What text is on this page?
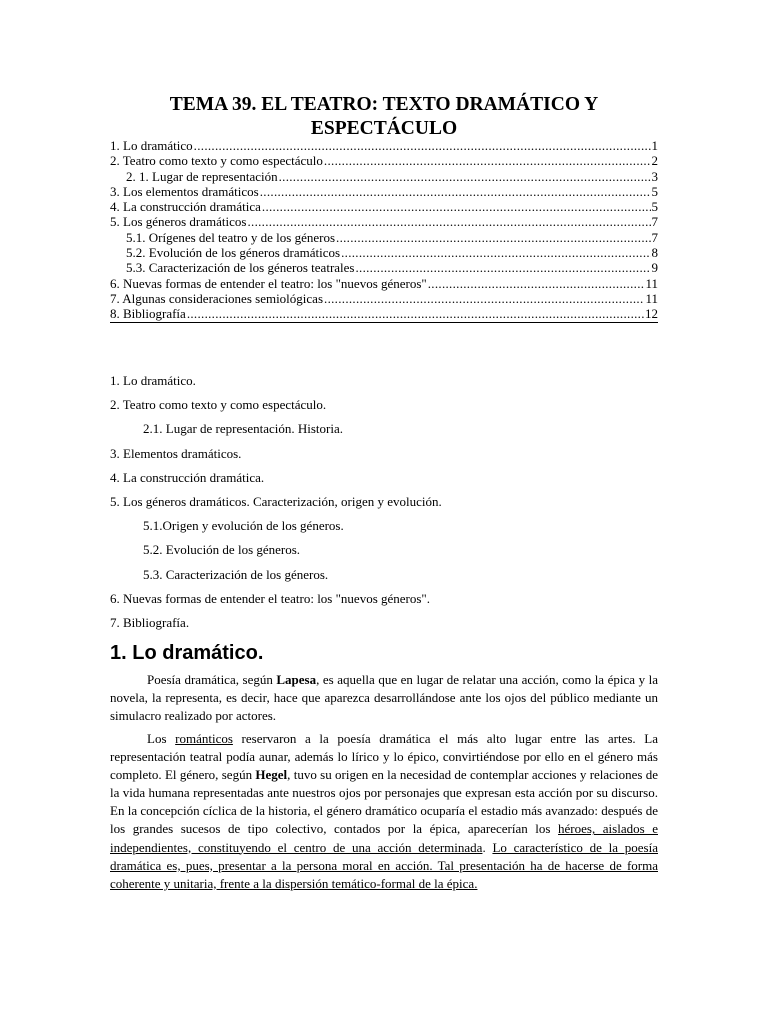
TEMA 39. EL TEATRO: TEXTO DRAMÁTICO Y
ESPECTÁCULO
1. Lo dramático .....	1
2. Teatro como texto y como espectáculo .....	2
2. 1. Lugar de representación .....	3
3. Los elementos dramáticos .....	5
4. La construcción dramática .....	5
5. Los géneros dramáticos .....	7
5.1. Orígenes del teatro y de los géneros .....	7
5.2. Evolución de los géneros dramáticos .....	8
5.3. Caracterización de los géneros teatrales .....	9
6. Nuevas formas de entender el teatro: los "nuevos géneros" .....	11
7. Algunas consideraciones semiológicas .....	11
8. Bibliografía .....	12
1. Lo dramático.
2. Teatro como texto y como espectáculo.
2.1. Lugar de representación. Historia.
3. Elementos dramáticos.
4. La construcción dramática.
5. Los géneros dramáticos. Caracterización, origen y evolución.
5.1.Origen y evolución de los géneros.
5.2. Evolución de los géneros.
5.3. Caracterización de los géneros.
6. Nuevas formas de entender el teatro: los "nuevos géneros".
7. Bibliografía.
1. Lo dramático.

Poesía dramática, según Lapesa, es aquella que en lugar de relatar una acción, como la épica y la novela, la representa, es decir, hace que aparezca desarrollándose ante los ojos del público mediante un simulacro realizado por actores.

Los románticos reservaron a la poesía dramática el más alto lugar entre las artes. La representación teatral podía aunar, además lo lírico y lo épico, convirtiéndose por ello en el género más completo. El género, según Hegel, tuvo su origen en la necesidad de contemplar acciones y relaciones de la vida humana representadas ante nuestros ojos por personajes que expresan esta acción por su discurso. En la concepción cíclica de la historia, el género dramático ocuparía el estadio más avanzado: después de los grandes sucesos de tipo colectivo, contados por la épica, aparecerían los héroes, aislados e independientes, constituyendo el centro de una acción determinada. Lo característico de la poesía dramática es, pues, presentar a la persona moral en acción. Tal presentación ha de hacerse de forma coherente y unitaria, frente a la dispersión temático-formal de la épica.
